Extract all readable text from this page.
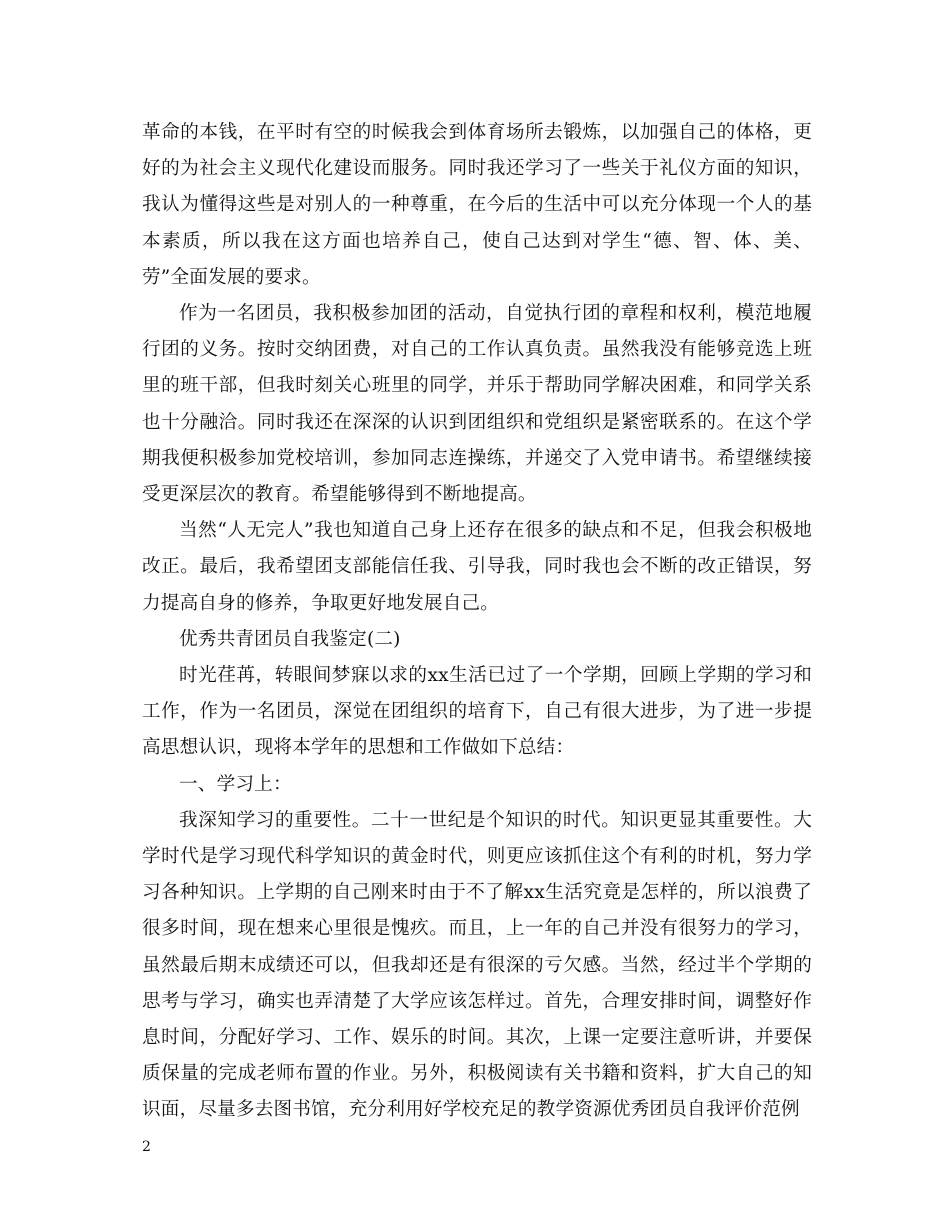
革命的本钱，在平时有空的时候我会到体育场所去锻炼，以加强自己的体格，更好的为社会主义现代化建设而服务。同时我还学习了一些关于礼仪方面的知识，我认为懂得这些是对别人的一种尊重，在今后的生活中可以充分体现一个人的基本素质，所以我在这方面也培养自己，使自己达到对学生“德、智、体、美、劳”全面发展的要求。

作为一名团员，我积极参加团的活动，自觉执行团的章程和权利，模范地履行团的义务。按时交纳团费，对自己的工作认真负责。虽然我没有能够竞选上班里的班干部，但我时刻关心班里的同学，并乐于帮助同学解决困难，和同学关系也十分融洽。同时我还在深深的认识到团组织和党组织是紧密联系的。在这个学期我便积极参加党校培训，参加同志连操练，并递交了入党申请书。希望继续接受更深层次的教育。希望能够得到不断地提高。

当然“人无完人”我也知道自己身上还存在很多的缺点和不足，但我会积极地改正。最后，我希望团支部能信任我、引导我，同时我也会不断的改正错误，努力提高自身的修养，争取更好地发展自己。

优秀共青团员自我鉴定(二)

时光荏苒，转眼间梦寐以求的xx生活已过了一个学期，回顾上学期的学习和工作，作为一名团员，深觉在团组织的培育下，自己有很大进步，为了进一步提高思想认识，现将本学年的思想和工作做如下总结：

一、学习上：

我深知学习的重要性。二十一世纪是个知识的时代。知识更显其重要性。大学时代是学习现代科学知识的黄金时代，则更应该抓住这个有利的时机，努力学习各种知识。上学期的自己刚来时由于不了解xx生活究竟是怎样的，所以浪费了很多时间，现在想来心里很是愧疚。而且，上一年的自己并没有很努力的学习，虽然最后期末成绩还可以，但我却还是有很深的亏欠感。当然，经过半个学期的思考与学习，确实也弄清楚了大学应该怎样过。首先，合理安排时间，调整好作息时间，分配好学习、工作、娱乐的时间。其次，上课一定要注意听讲，并要保质保量的完成老师布置的作业。另外，积极阅读有关书籍和资料，扩大自己的知识面，尽量多去图书馆，充分利用好学校充足的教学资源优秀团员自我评价范例

2
